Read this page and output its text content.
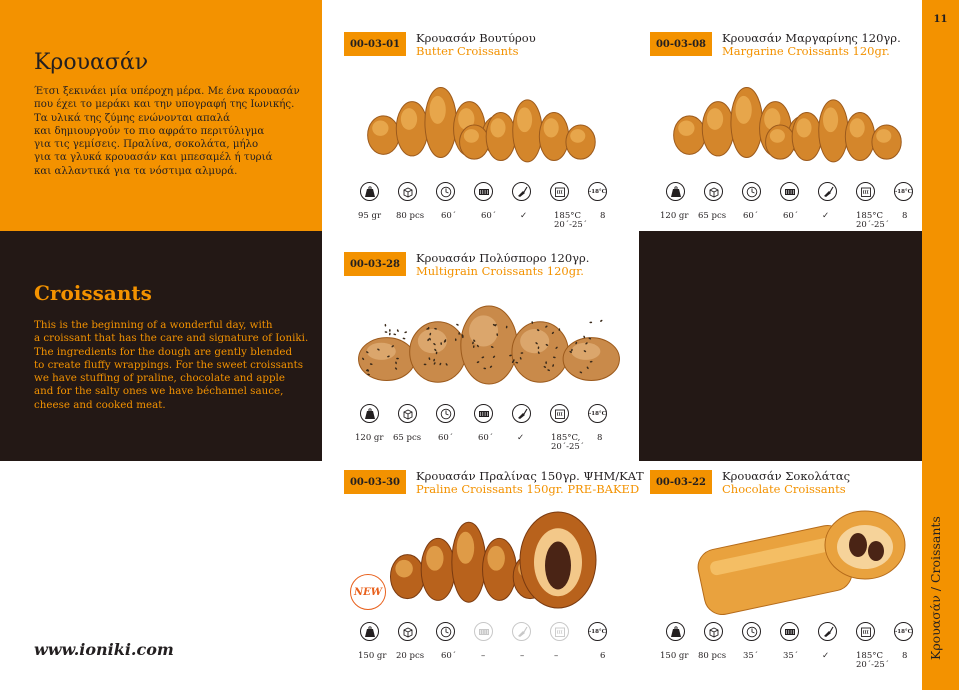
Κρουασάν
Έτσι ξεκινάει μία υπέροχη μέρα. Με ένα κρουασάν
που έχει το μεράκι και την υπογραφή της Ιωνικής.
Τα υλικά της ζύμης ενώνονται απαλά
και δημιουργούν το πιο αφράτο περιτύλιγμα
για τις γεμίσεις. Πραλίνα, σοκολάτα, μήλο
για τα γλυκά κρουασάν και μπεσαμέλ ή τυριά
και αλλαντικά για τα νόστιμα αλμυρά.
Croissants
This is the beginning of a wonderful day, with
a croissant that has the care and signature of Ioniki.
The ingredients for the dough are gently blended
to create fluffy wrappings. For the sweet croissants
we have stuffing of praline, chocolate and apple
and for the salty ones we have béchamel sauce,
cheese and cooked meat.
www.ioniki.com
11
Κρουασάν / Croissants
00-03-01	Κρουασάν Βουτύρου
Butter Croissants
-18°C
95 gr 80 pcs 60΄	60΄	✓	185°C 8
20΄-25΄
00-03-08	Κρουασάν Μαργαρίνης 120γρ.
Margarine Croissants 120gr.
-18°C
120 gr 65 pcs 60΄	60΄	✓	185°C 8
20΄-25΄
00-03-28	Κρουασάν Πολύσπορο 120γρ.
Multigrain Croissants 120gr.
-18°C
120 gr 65 pcs 60΄	60΄	✓	185°C, 8
20΄-25΄
00-03-30	Κρουασάν Πραλίνας 150γρ. ΨΗΜ/ΚΑΤ
Praline Croissants 150gr. PRE-BAKED
NEW
-18°C
150 gr 20 pcs 60΄	–	–	–	6
00-03-22	Κρουασάν Σοκολάτας
Chocolate Croissants
-18°C
150 gr 80 pcs 35΄	35΄	✓	185°C 8
20΄-25΄
